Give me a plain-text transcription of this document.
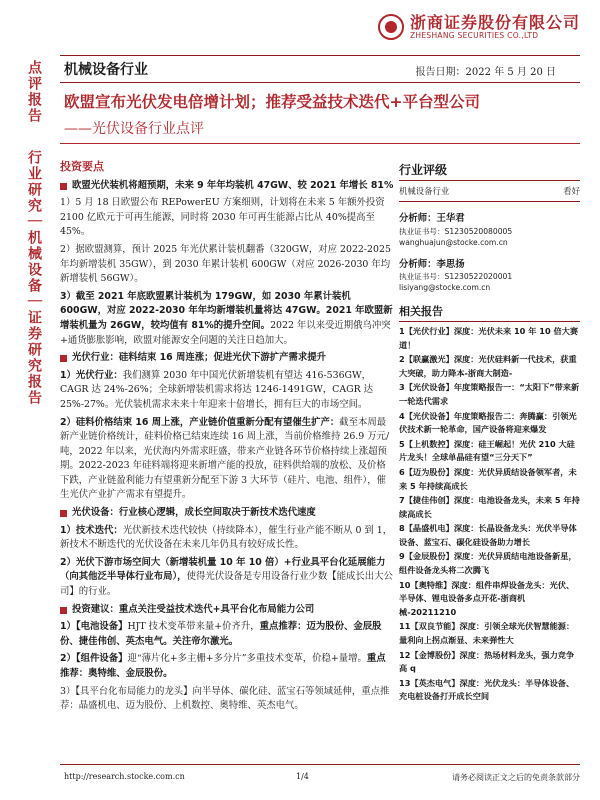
浙商证券股份有限公司
ZHESHANG SECURITIES CO.,LTD
机械设备行业	报告日期：2022 年 5 月 20 日
点评报告
行业研究｜机械设备｜证券研究报告
欧盟宣布光伏发电倍增计划；推荐受益技术迭代+平台型公司
——光伏设备行业点评
投资要点
欧盟光伏装机将超预期，未来 9 年年均装机 47GW、较 2021 年增长 81%
1）5 月 18 日欧盟公布 REPowerEU 方案细则，计划将在未来 5 年额外投资 2100 亿欧元于可再生能源，同时将 2030 年可再生能源占比从 40%提高至 45%。
2）据欧盟测算，预计 2025 年光伏累计装机翻番（320GW，对应 2022-2025 年均新增装机 35GW），到 2030 年累计装机 600GW（对应 2026-2030 年均新增装机 56GW）。
3）截至 2021 年底欧盟累计装机为 179GW，如 2030 年累计装机 600GW，对应 2022-2030 年年均新增装机量将达 47GW。2021 年欧盟新增装机量为 26GW，较均值有 81%的提升空间。2022 年以来受近期俄乌冲突+通货膨胀影响，欧盟对能源安全问题的关注日趋加大。
光伏行业：硅料结束 16 周连涨；促进光伏下游扩产需求提升
1）光伏行业：我们测算 2030 年中国光伏新增装机有望达 416-536GW，CAGR 达 24%-26%；全球新增装机需求将达 1246-1491GW，CAGR 达 25%-27%。光伏装机需求未来十年迎来十倍增长，拥有巨大的市场空间。
2）硅料价格结束 16 周上涨，产业链价值重新分配有望催生扩产：截至本周最新产业链价格统计，硅料价格已结束连续 16 周上涨，当前价格维持 26.9 万元/吨，2022 年以来，光伏海内外需求旺盛，带来产业链各环节价格持续上涨超预期。2022-2023 年硅料端将迎来新增产能的投放，硅料供给端的放松、及价格下跌，产业链盈利能力有望重新分配至下游 3 大环节（硅片、电池、组件），催生光伏产业扩产需求有望提升。
光伏设备：行业核心逻辑，成长空间取决于新技术迭代速度
1）技术迭代：光伏新技术迭代较快（持续降本），催生行业产能不断从 0 到 1，新技术不断迭代的光伏设备在未来几年仍具有较好成长性。
2）光伏下游市场空间大（新增装机量 10 年 10 倍）+行业具平台化延展能力（向其他泛半导体行业布局），使得光伏设备是专用设备行业少数【能成长出大公司】的行业。
投资建议：重点关注受益技术迭代+具平台化布局能力公司
1）【电池设备】HJT 技术变革带来量+价齐升，重点推荐：迈为股份、金辰股份、捷佳伟创、英杰电气。关注帝尔激光。
2）【组件设备】迎“薄片化+多主栅+多分片”多重技术变革，价稳+量增。重点推荐：奥特维、金辰股份。
3）【具平台化布局能力的龙头】向半导体、碳化硅、蓝宝石等领域延伸，重点推荐：晶盛机电、迈为股份、上机数控、奥特维、英杰电气。
行业评级
机械设备行业	看好
分析师：王华君
执业证书号：S1230520080005
wanghuajun@stocke.com.cn
分析师：李思扬
执业证书号：S1230522020001
lisiyang@stocke.com.cn
相关报告
1【光伏行业】深度：光伏未来 10 年 10 倍大赛道！
2【联赢激光】深度：光伏硅料新一代技术，获重大突破，助力降本-浙商大制造-
3【光伏设备】年度策略报告一：“太阳下”带来新一轮迭代需求
4【光伏设备】年度策略报告二：奔腾赢：引领光伏技术新一轮革命，国产设备将迎来爆发
5【上机数控】深度：硅王崛起！光伏 210 大硅片龙头！全球单晶硅有望“三分天下”
6【迈为股份】深度：光伏异质结设备领军者，未来 5 年持续高成长
7【捷佳伟创】深度：电池设备龙头，未来 5 年持续高成长
8【晶盛机电】深度：长晶设备龙头：光伏半导体设备、蓝宝石、碳化硅设备助力增长
9【金辰股份】深度：光伏异质结电池设备新星，组件设备龙头将二次腾飞
10【奥特维】深度：组件串焊设备龙头：光伏、半导体、锂电设备多点开花-浙商机械-20211210
11【双良节能】深度：引领全球光伏智慧能源：量利向上拐点渐显、未来弹性大
12【金博股份】深度：热场材料龙头，强力竞争高 q
13【英杰电气】深度：光伏龙头：半导体设备、充电桩设备打开成长空间
http://research.stocke.com.cn	1/4	请务必阅读正文之后的免责条款部分
